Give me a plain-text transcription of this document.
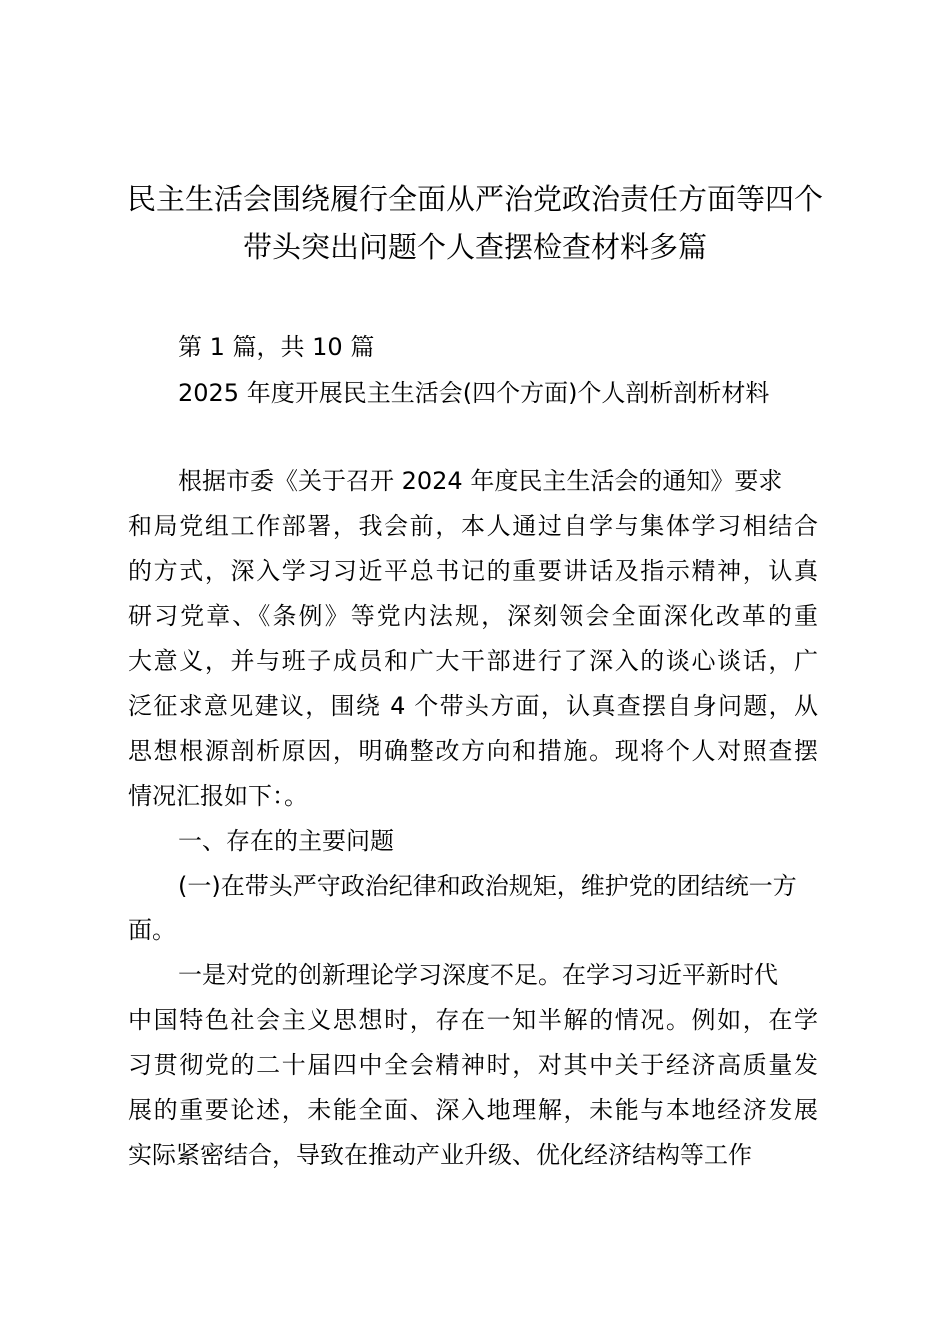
民主生活会围绕履行全面从严治党政治责任方面等四个
带头突出问题个人查摆检查材料多篇
第 1 篇，共 10 篇
2025 年度开展民主生活会(四个方面)个人剖析剖析材料
根据市委《关于召开 2024 年度民主生活会的通知》要求
和局党组工作部署，我会前，本人通过自学与集体学习相结合
的方式，深入学习习近平总书记的重要讲话及指示精神，认真
研习党章、《条例》等党内法规，深刻领会全面深化改革的重
大意义，并与班子成员和广大干部进行了深入的谈心谈话，广
泛征求意见建议，围绕 4 个带头方面，认真查摆自身问题，从
思想根源剖析原因，明确整改方向和措施。现将个人对照查摆
情况汇报如下：。
一、存在的主要问题
(一)在带头严守政治纪律和政治规矩，维护党的团结统一方
面。
一是对党的创新理论学习深度不足。在学习习近平新时代
中国特色社会主义思想时，存在一知半解的情况。例如，在学
习贯彻党的二十届四中全会精神时，对其中关于经济高质量发
展的重要论述，未能全面、深入地理解，未能与本地经济发展
实际紧密结合，导致在推动产业升级、优化经济结构等工作
